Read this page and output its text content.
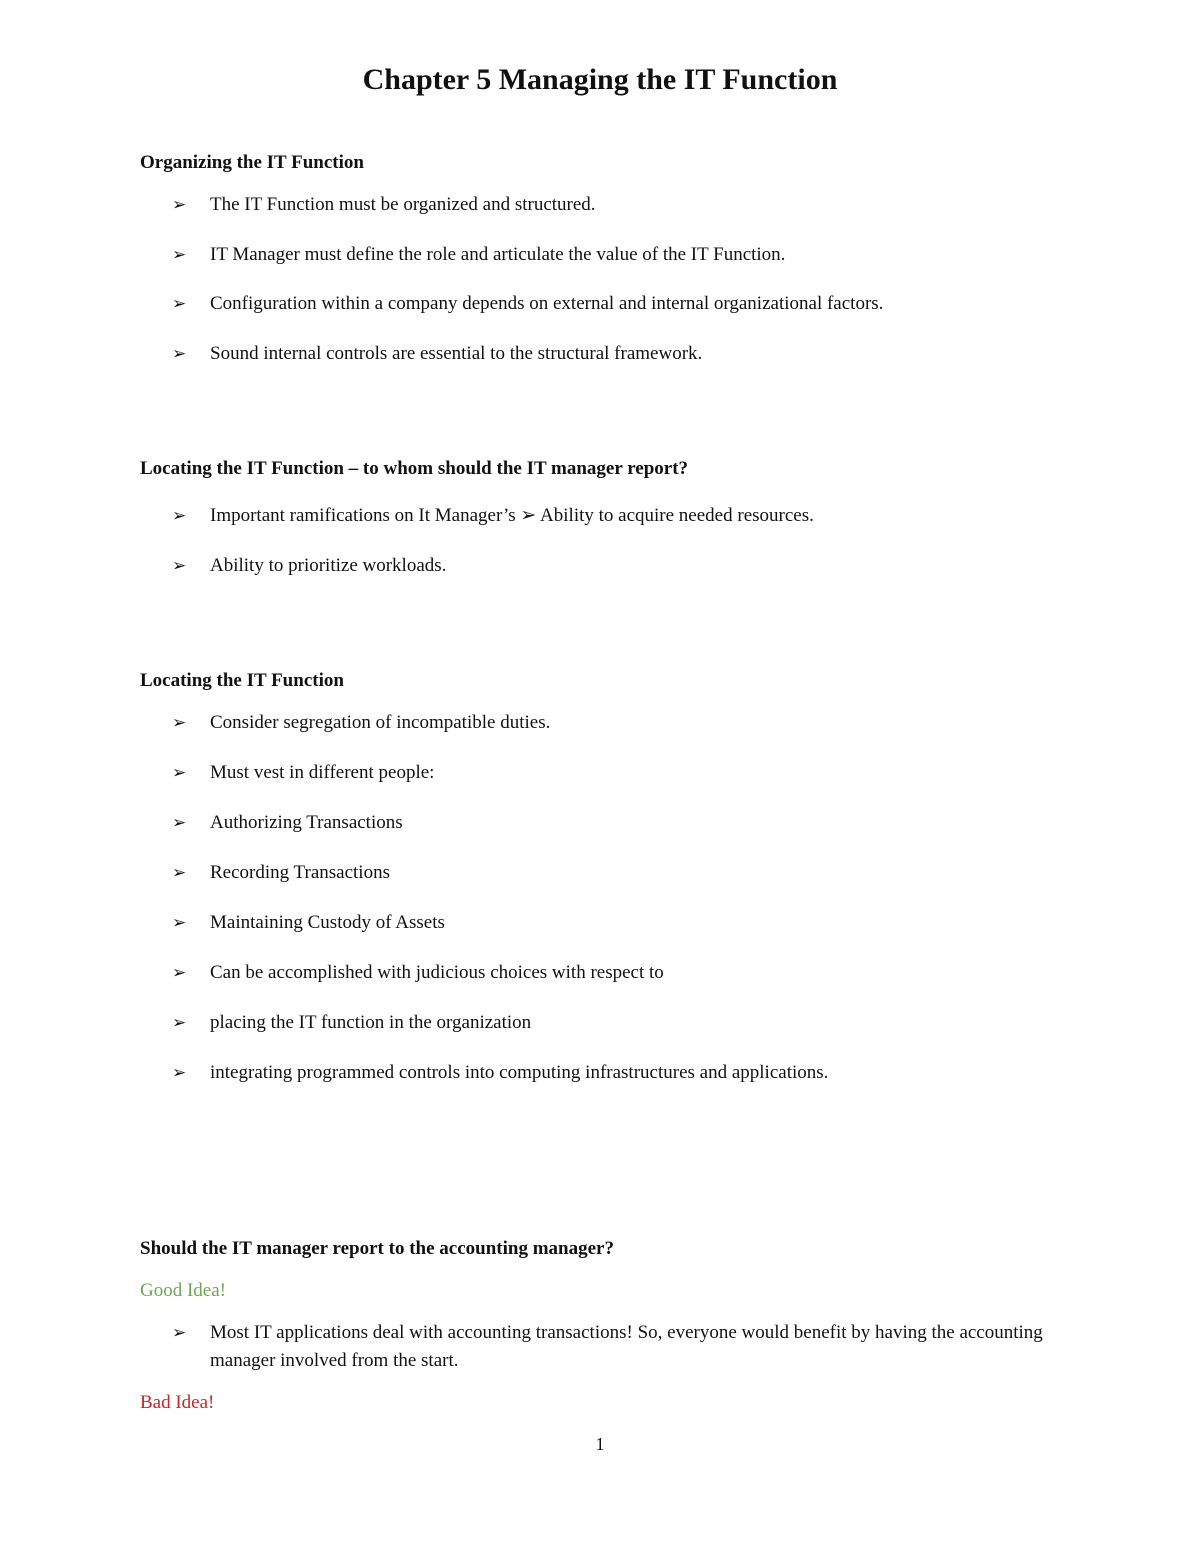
Chapter 5 Managing the IT Function
Organizing the IT Function
➢	The IT Function must be organized and structured.
➢	IT Manager must define the role and articulate the value of the IT Function.
➢	Configuration within a company depends on external and internal organizational factors.
➢	Sound internal controls are essential to the structural framework.
Locating the IT Function – to whom should the IT manager report?
➢	Important ramifications on It Manager’s ➢ Ability to acquire needed resources.
➢	Ability to prioritize workloads.
Locating the IT Function
➢	Consider segregation of incompatible duties.
➢	Must vest in different people:
➢	Authorizing Transactions
➢	Recording Transactions
➢	Maintaining Custody of Assets
➢	Can be accomplished with judicious choices with respect to
➢	placing the IT function in the organization
➢	integrating programmed controls into computing infrastructures and applications.
Should the IT manager report to the accounting manager?
Good Idea!
➢	Most IT applications deal with accounting transactions! So, everyone would benefit by having the accounting manager involved from the start.
Bad Idea!
1
